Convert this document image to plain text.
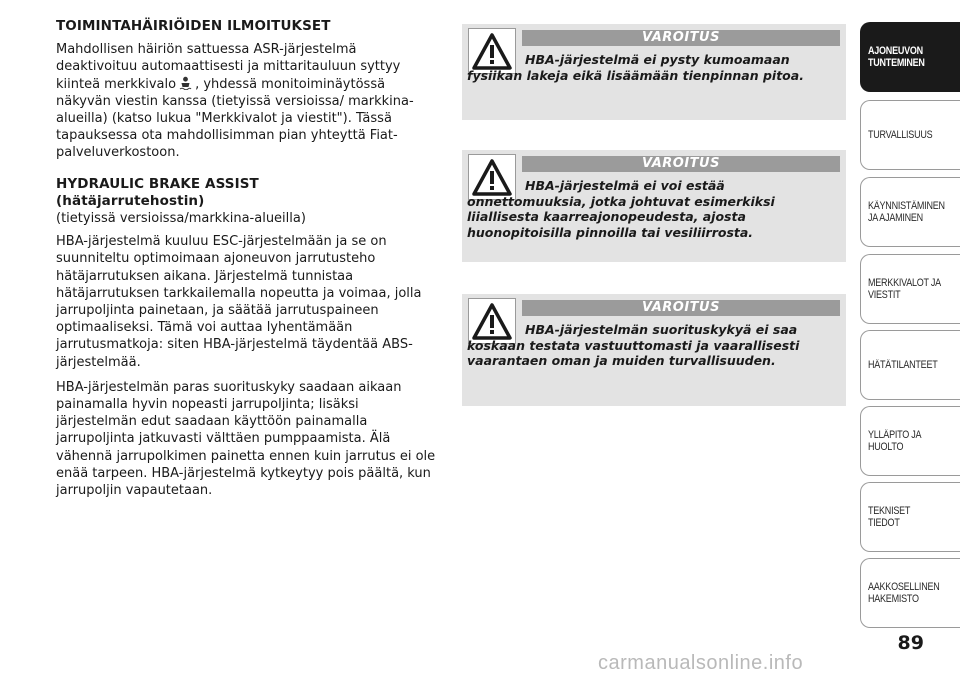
TOIMINTAHÄIRIÖIDEN ILMOITUKSET

Mahdollisen häiriön sattuessa ASR-järjestelmä deaktivoituu automaattisesti ja mittaritauluun syttyy kiinteä merkkivalo , yhdessä monitoiminäytössä näkyvän viestin kanssa (tietyissä versioissa/ markkina-alueilla) (katso lukua "Merkkivalot ja viestit"). Tässä tapauksessa ota mahdollisimman pian yhteyttä Fiat-palveluverkostoon.

HYDRAULIC BRAKE ASSIST
(hätäjarrutehostin)

(tietyissä versioissa/markkina-alueilla)

HBA-järjestelmä kuuluu ESC-järjestelmään ja se on suunniteltu optimoimaan ajoneuvon jarrutusteho hätäjarrutuksen aikana. Järjestelmä tunnistaa hätäjarrutuksen tarkkailemalla nopeutta ja voimaa, jolla jarrupoljinta painetaan, ja säätää jarrutuspaineen optimaaliseksi. Tämä voi auttaa lyhentämään jarrutusmatkoja: siten HBA-järjestelmä täydentää ABS-järjestelmää.

HBA-järjestelmän paras suorituskyky saadaan aikaan painamalla hyvin nopeasti jarrupoljinta; lisäksi järjestelmän edut saadaan käyttöön painamalla jarrupoljinta jatkuvasti välttäen pumppaamista. Älä vähennä jarrupolkimen painetta ennen kuin jarrutus ei ole enää tarpeen. HBA-järjestelmä kytkeytyy pois päältä, kun jarrupoljin vapautetaan.

VAROITUS
HBA-järjestelmä ei pysty kumoamaan fysiikan lakeja eikä lisäämään tienpinnan pitoa.
VAROITUS
HBA-järjestelmä ei voi estää onnettomuuksia, jotka johtuvat esimerkiksi liiallisesta kaarreajonopeudesta, ajosta huonopitoisilla pinnoilla tai vesiliirrosta.
VAROITUS
HBA-järjestelmän suorituskykyä ei saa koskaan testata vastuuttomasti ja vaarallisesti vaarantaen oman ja muiden turvallisuuden.
AJONEUVON
TUNTEMINEN
TURVALLISUUS
KÄYNNISTÄMINEN
JA AJAMINEN
MERKKIVALOT JA
VIESTIT
HÄTÄTILANTEET
YLLÄPITO JA HUOLTO
TEKNISET TIEDOT
AAKKOSELLINEN
HAKEMISTO
89
carmanualsonline.info
